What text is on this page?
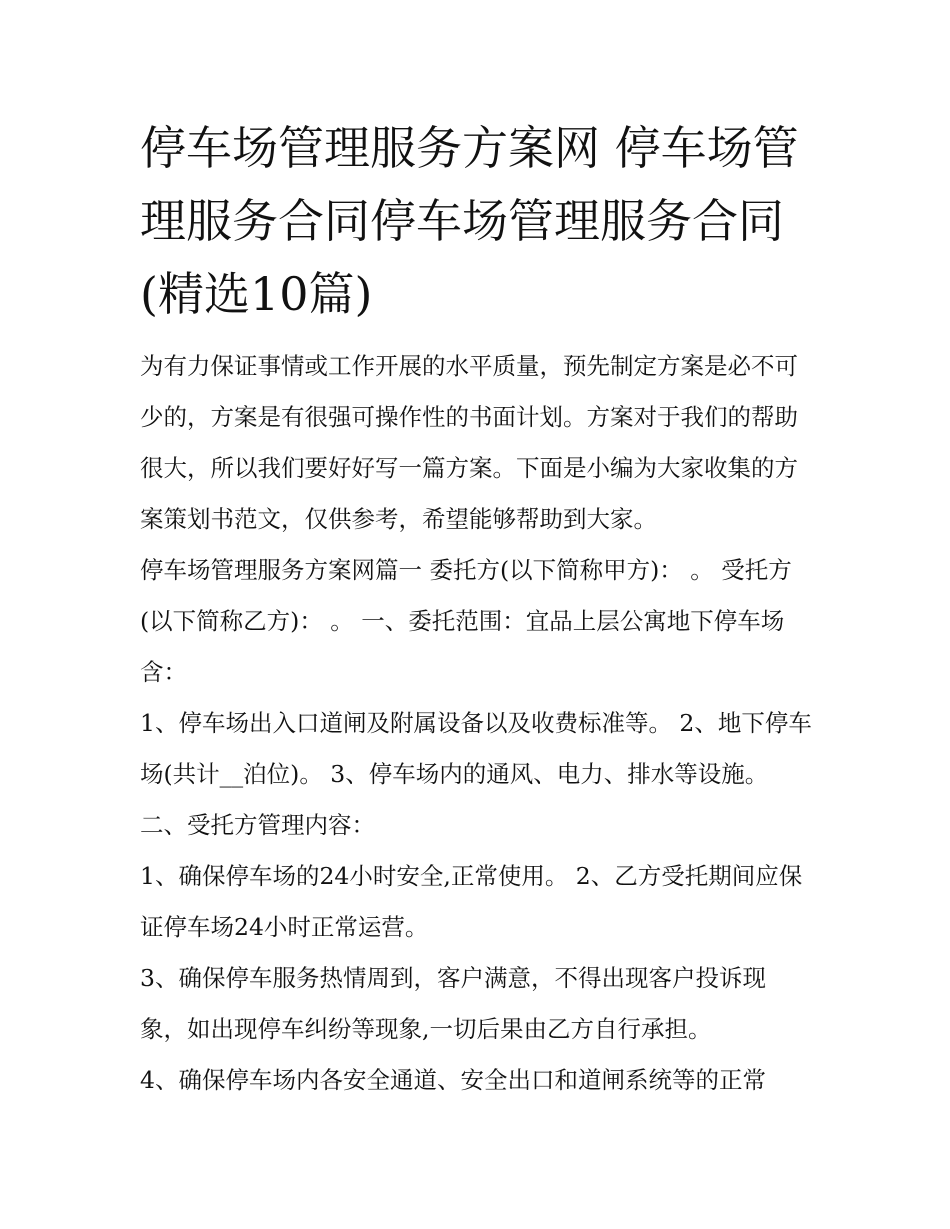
停车场管理服务方案网 停车场管理服务合同停车场管理服务合同(精选10篇)

为有力保证事情或工作开展的水平质量，预先制定方案是必不可少的，方案是有很强可操作性的书面计划。方案对于我们的帮助很大，所以我们要好好写一篇方案。下面是小编为大家收集的方案策划书范文，仅供参考，希望能够帮助到大家。

停车场管理服务方案网篇一 委托方(以下简称甲方)： 。 受托方(以下简称乙方)： 。 一、委托范围：宜品上层公寓地下停车场含：

1、停车场出入口道闸及附属设备以及收费标准等。 2、地下停车场(共计__泊位)。 3、停车场内的通风、电力、排水等设施。 二、受托方管理内容：

1、确保停车场的24小时安全,正常使用。 2、乙方受托期间应保证停车场24小时正常运营。

3、确保停车服务热情周到，客户满意，不得出现客户投诉现象，如出现停车纠纷等现象,一切后果由乙方自行承担。

4、确保停车场内各安全通道、安全出口和道闸系统等的正常
